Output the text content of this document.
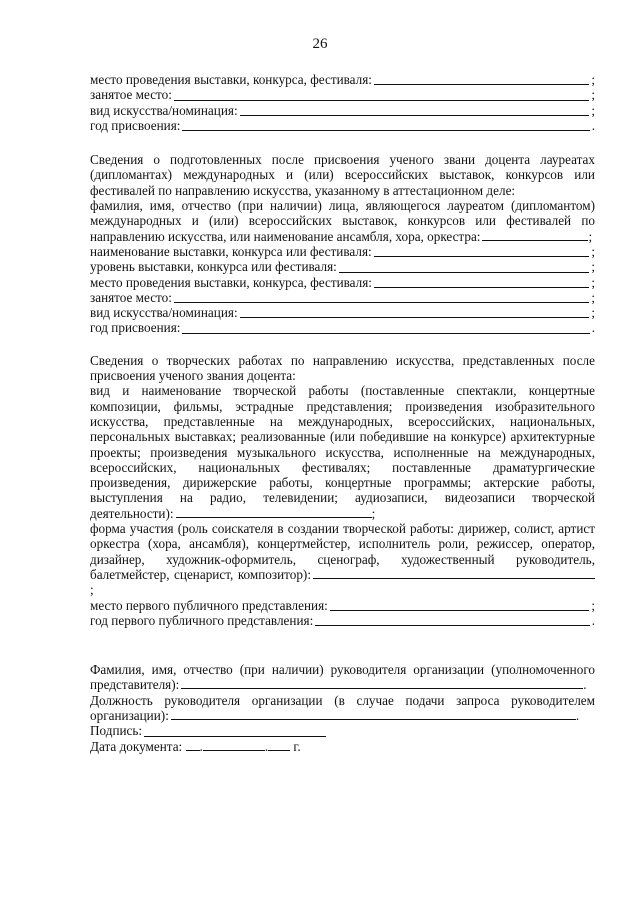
26
место проведения выставки, конкурса, фестиваля:	;
занятое место:	;
вид искусства/номинация:	;
год присвоения:	.
Сведения о подготовленных после присвоения ученого звани доцента лауреатах (дипломантах) международных и (или) всероссийских выставок, конкурсов или фестивалей по направлению искусства, указанному в аттестационном деле:
фамилия, имя, отчество (при наличии) лица, являющегося лауреатом (дипломантом) международных и (или) всероссийских выставок, конкурсов или фестивалей по направлению искусства, или наименование ансамбля, хора, оркестра:	;
наименование выставки, конкурса или фестиваля:	;
уровень выставки, конкурса или фестиваля:	;
место проведения выставки, конкурса, фестиваля:	;
занятое место:	;
вид искусства/номинация:	;
год присвоения:	.
Сведения о творческих работах по направлению искусства, представленных после присвоения ученого звания доцента:
вид и наименование творческой работы (поставленные спектакли, концертные композиции, фильмы, эстрадные представления; произведения изобразительного искусства, представленные на международных, всероссийских, национальных, персональных выставках; реализованные (или победившие на конкурсе) архитектурные проекты; произведения музыкального искусства, исполненные на международных, всероссийских, национальных фестивалях; поставленные драматургические произведения, дирижерские работы, концертные программы; актерские работы, выступления на радио, телевидении; аудиозаписи, видеозаписи творческой деятельности):	;
форма участия (роль соискателя в создании творческой работы: дирижер, солист, артист оркестра (хора, ансамбля), концертмейстер, исполнитель роли, режиссер, оператор, дизайнер, художник-оформитель, сценограф, художественный руководитель, балетмейстер, сценарист, композитор):;
место первого публичного представления:	;
год первого публичного представления:	.
Фамилия, имя, отчество (при наличии) руководителя организации (уполномоченного представителя):	.
Должность руководителя организации (в случае подачи запроса руководителем организации):	.
Подпись:
Дата документа: .	. г.
